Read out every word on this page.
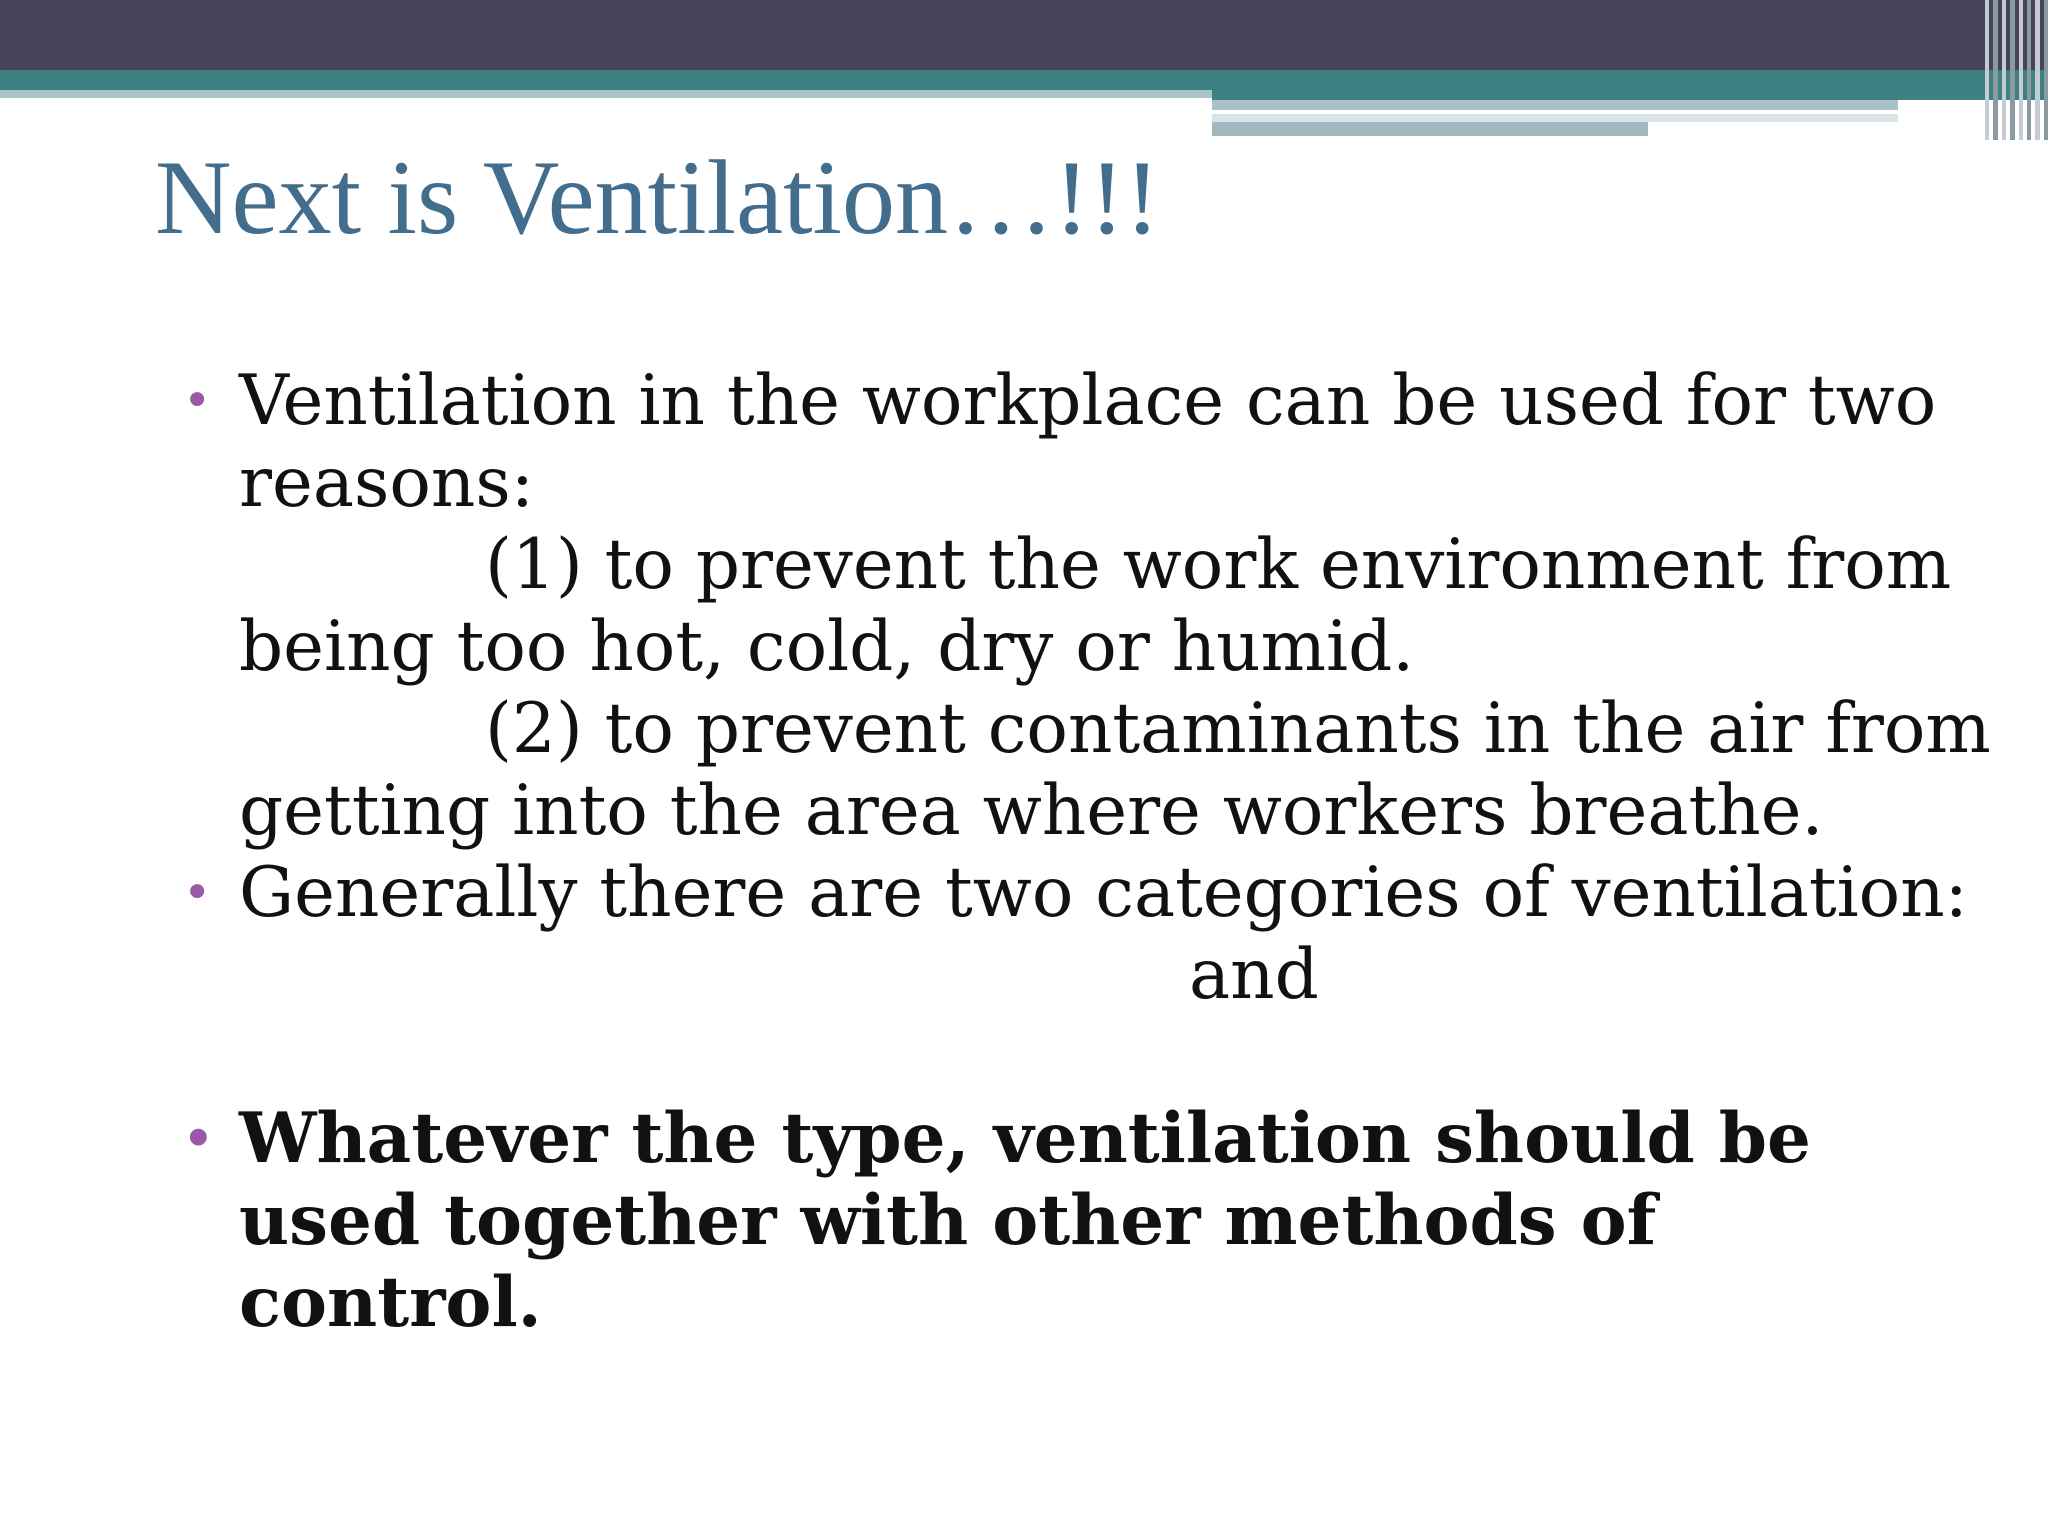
Next is Ventilation…!!!
• Ventilation in the workplace can be used for two
reasons:
(1) to prevent the work environment from
being too hot, cold, dry or humid.
(2) to prevent contaminants in the air from
getting into the area where workers breathe.
• Generally there are two categories of ventilation:
and
• Whatever the type, ventilation should be
used together with other methods of
control.
